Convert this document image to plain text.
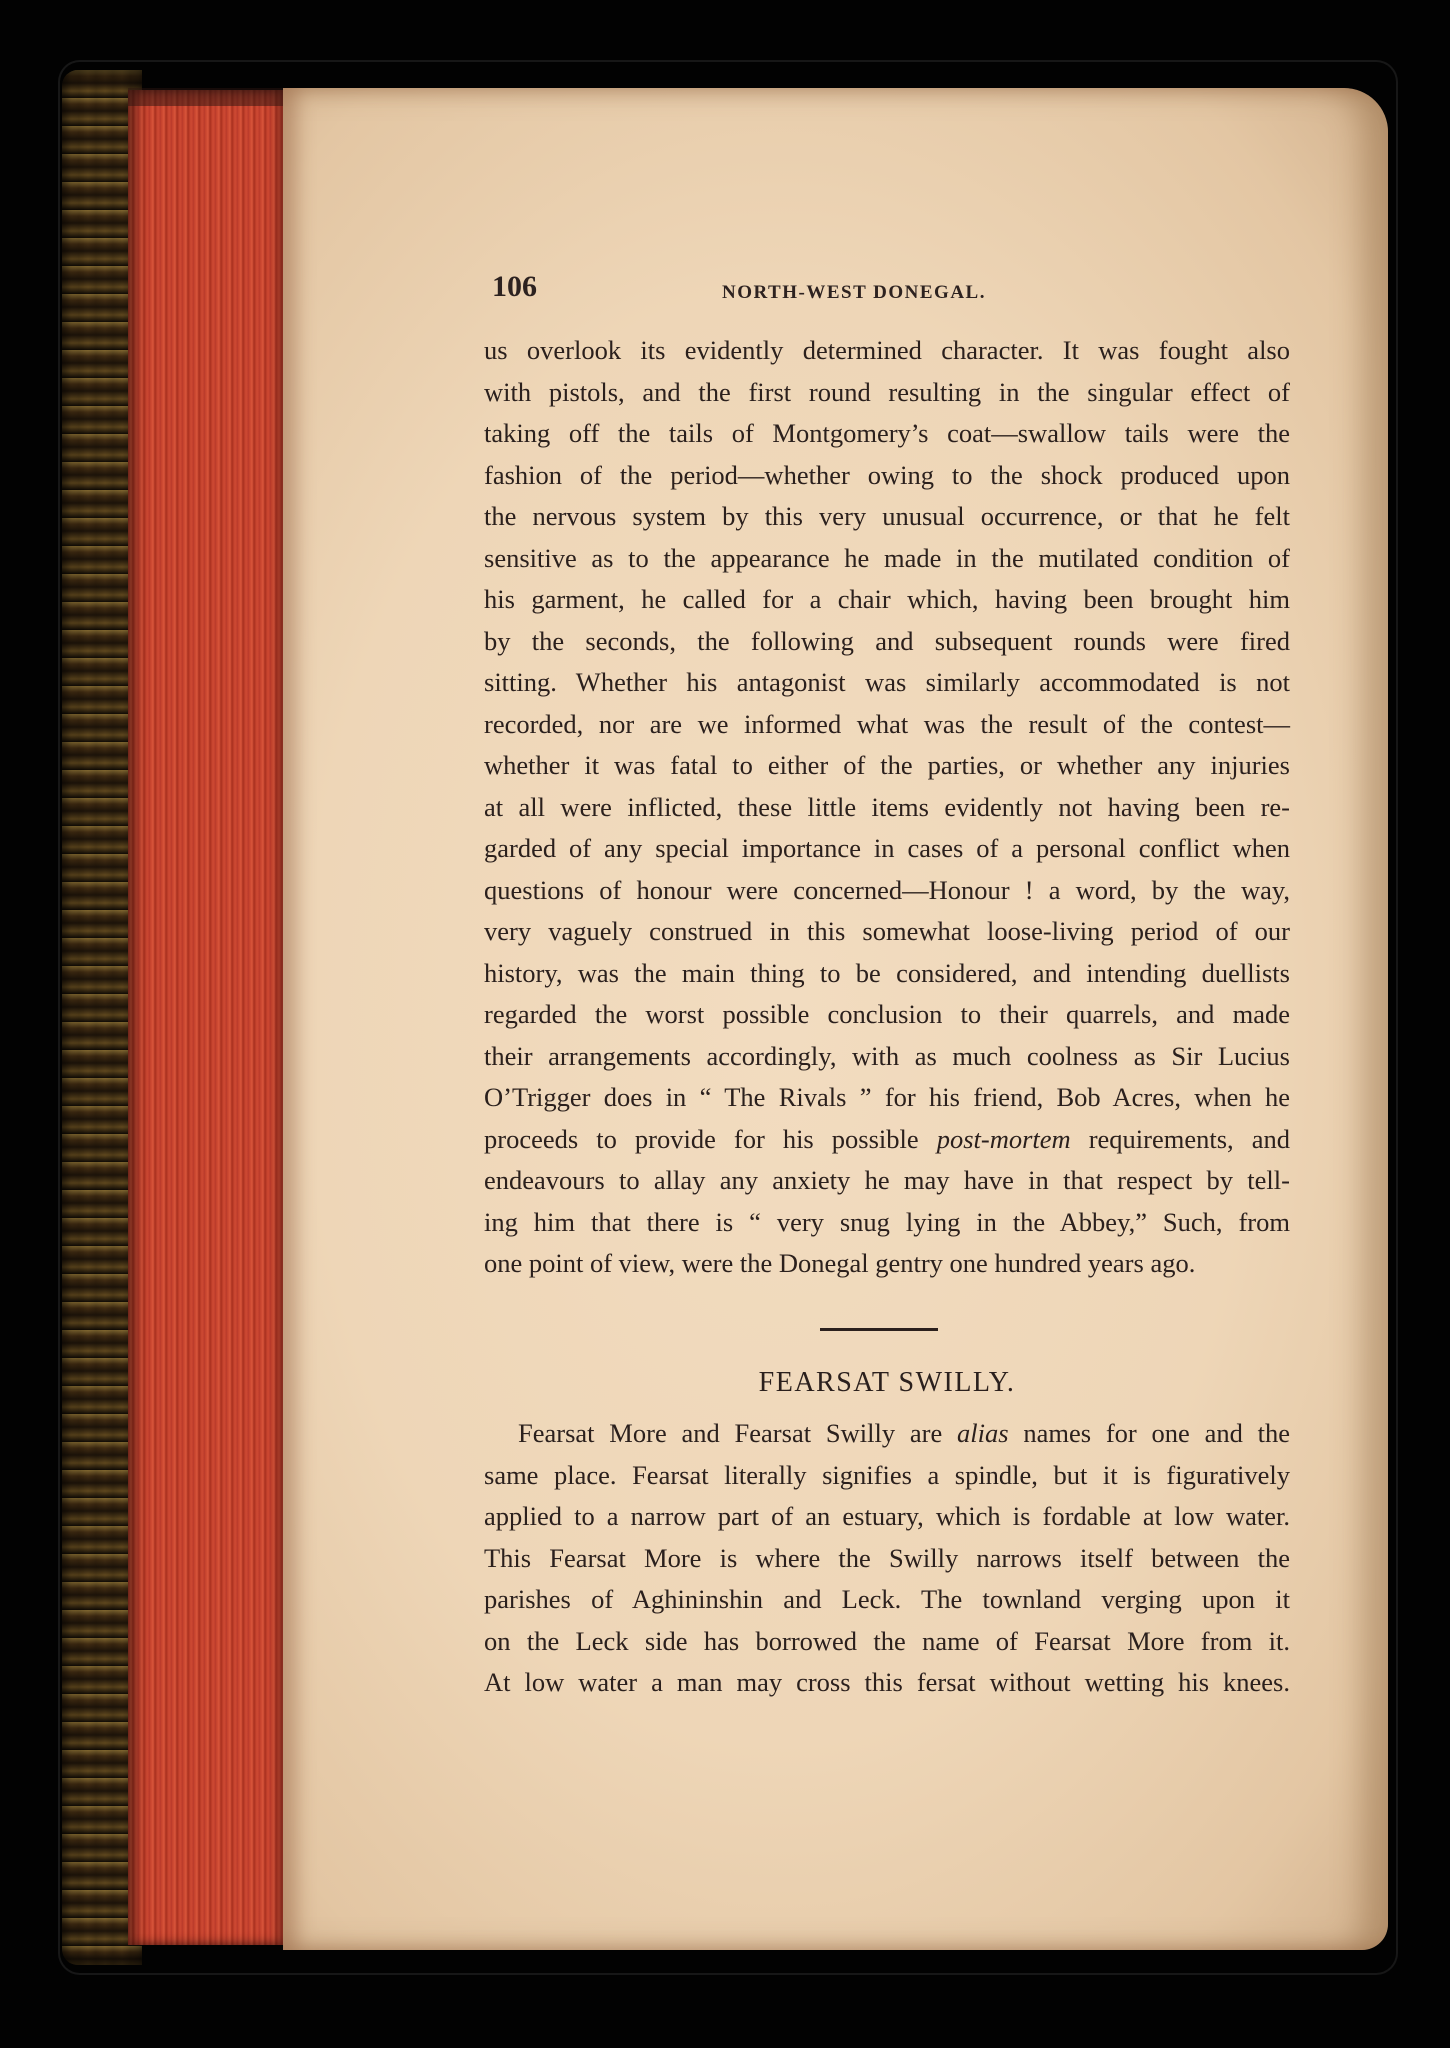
106	NORTH-WEST DONEGAL.
us overlook its evidently determined character. It was fought also
with pistols, and the first round resulting in the singular effect of
taking off the tails of Montgomery’s coat—swallow tails were the
fashion of the period—whether owing to the shock produced upon
the nervous system by this very unusual occurrence, or that he felt
sensitive as to the appearance he made in the mutilated condition of
his garment, he called for a chair which, having been brought him
by the seconds, the following and subsequent rounds were fired
sitting. Whether his antagonist was similarly accommodated is not
recorded, nor are we informed what was the result of the contest—
whether it was fatal to either of the parties, or whether any injuries
at all were inflicted, these little items evidently not having been re-
garded of any special importance in cases of a personal conflict when
questions of honour were concerned—Honour ! a word, by the way,
very vaguely construed in this somewhat loose-living period of our
history, was the main thing to be considered, and intending duellists
regarded the worst possible conclusion to their quarrels, and made
their arrangements accordingly, with as much coolness as Sir Lucius
O’Trigger does in “ The Rivals ” for his friend, Bob Acres, when he
proceeds to provide for his possible post-mortem requirements, and
endeavours to allay any anxiety he may have in that respect by tell-
ing him that there is “ very snug lying in the Abbey,” Such, from
one point of view, were the Donegal gentry one hundred years ago.
FEARSAT SWILLY.
Fearsat More and Fearsat Swilly are alias names for one and the
same place. Fearsat literally signifies a spindle, but it is figuratively
applied to a narrow part of an estuary, which is fordable at low water.
This Fearsat More is where the Swilly narrows itself between the
parishes of Aghininshin and Leck. The townland verging upon it
on the Leck side has borrowed the name of Fearsat More from it.
At low water a man may cross this fersat without wetting his knees.
